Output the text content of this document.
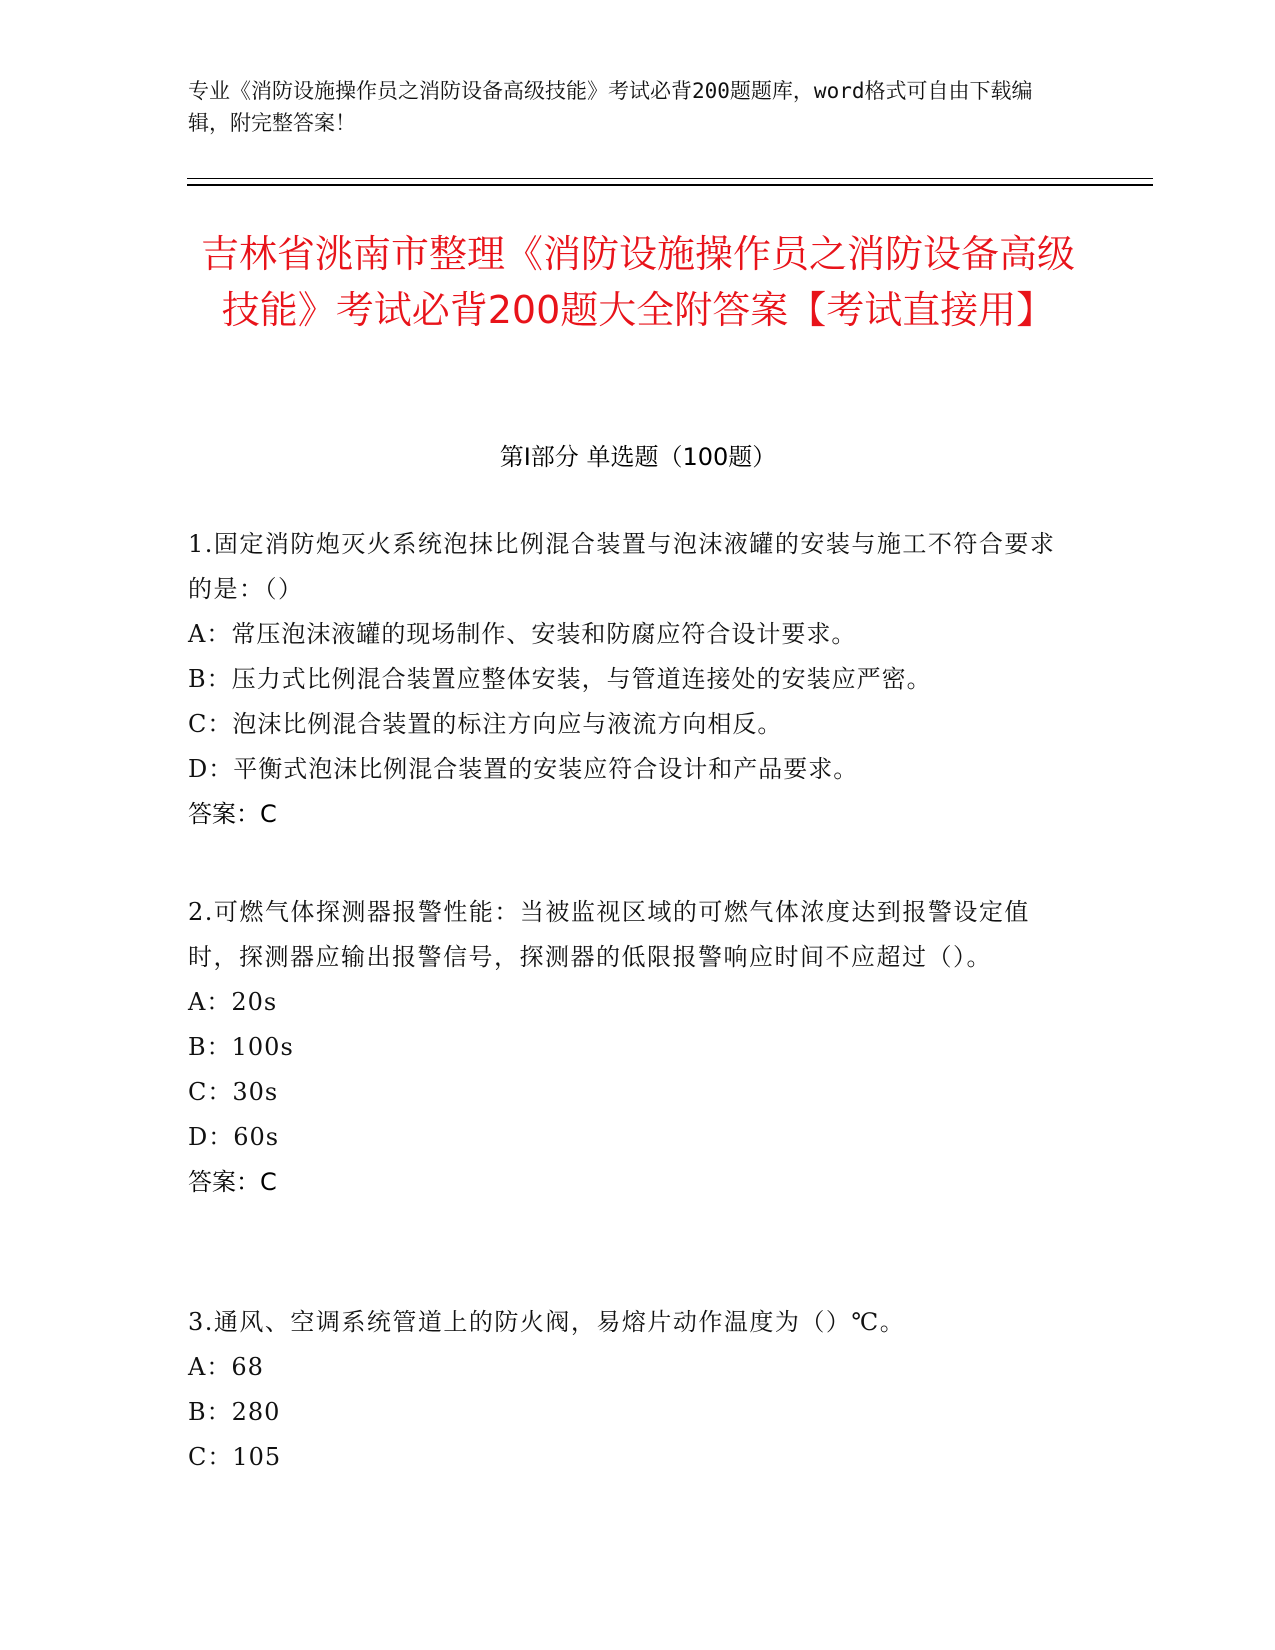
专业《消防设施操作员之消防设备高级技能》考试必背200题题库，word格式可自由下载编辑，附完整答案！
吉林省洮南市整理《消防设施操作员之消防设备高级技能》考试必背200题大全附答案【考试直接用】
第Ⅰ部分 单选题（100题）

1.固定消防炮灭火系统泡抹比例混合装置与泡沫液罐的安装与施工不符合要求的是：（）

A：常压泡沫液罐的现场制作、安装和防腐应符合设计要求。

B：压力式比例混合装置应整体安装，与管道连接处的安装应严密。

C：泡沫比例混合装置的标注方向应与液流方向相反。

D：平衡式泡沫比例混合装置的安装应符合设计和产品要求。

答案：C

2.可燃气体探测器报警性能：当被监视区域的可燃气体浓度达到报警设定值时，探测器应输出报警信号，探测器的低限报警响应时间不应超过（）。

A：20s

B：100s

C：30s

D：60s

答案：C

3.通风、空调系统管道上的防火阀，易熔片动作温度为（）℃。

A：68

B：280

C：105
